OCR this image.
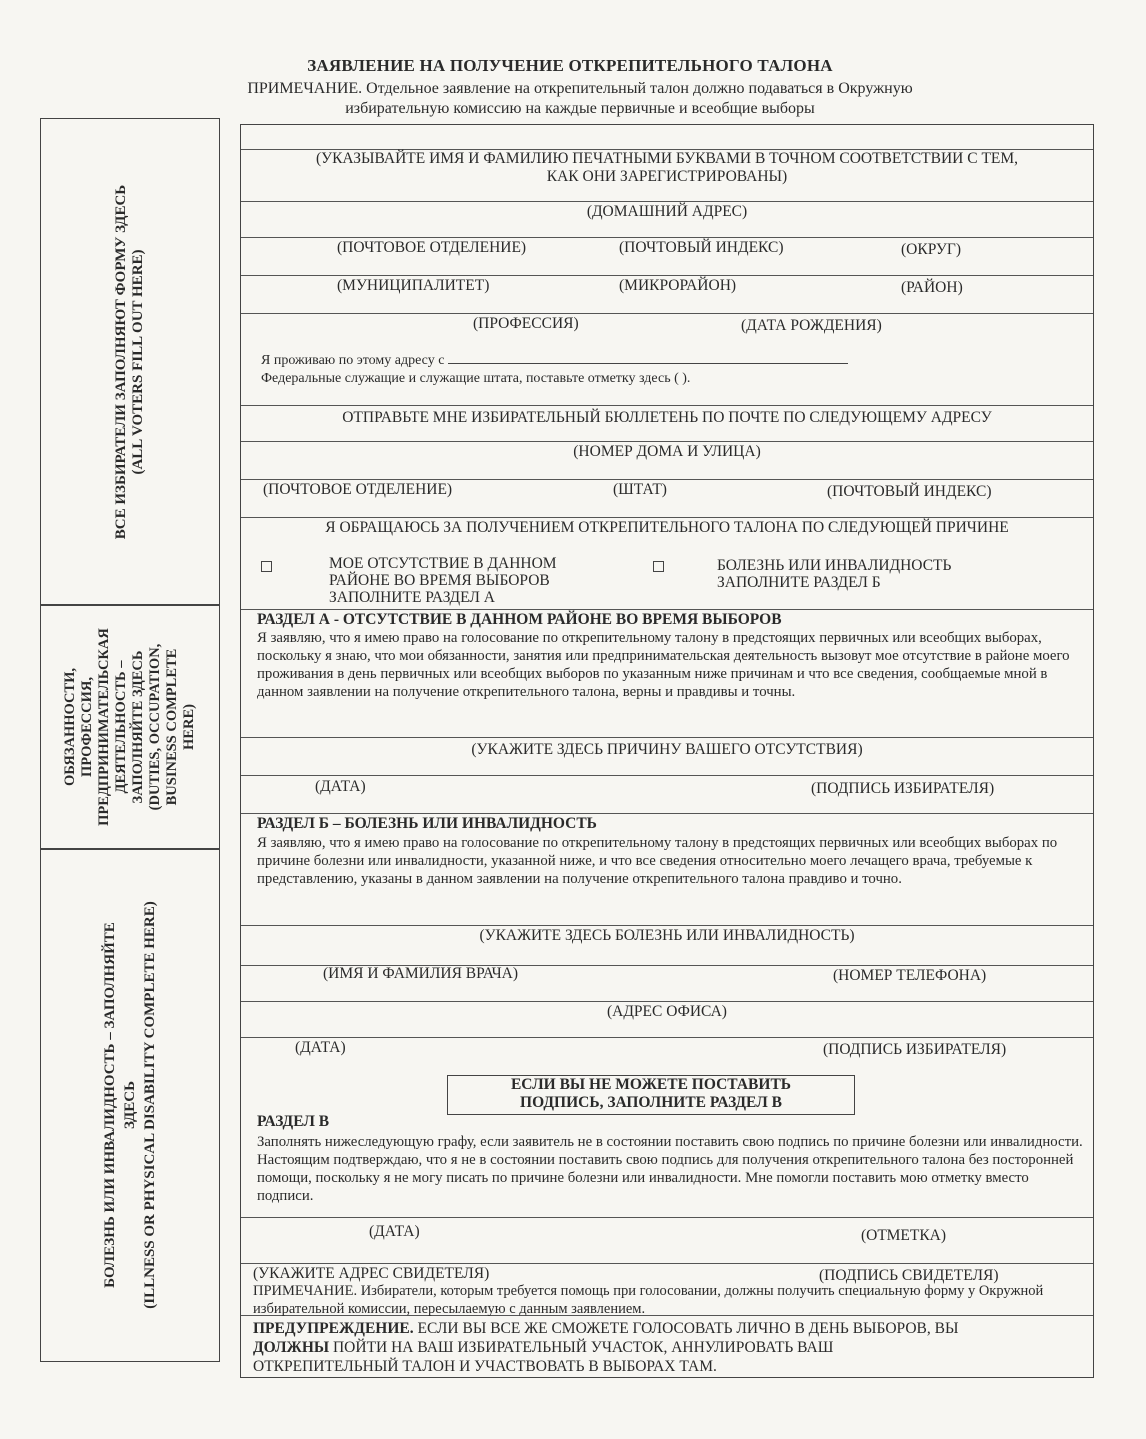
ЗАЯВЛЕНИЕ НА ПОЛУЧЕНИЕ ОТКРЕПИТЕЛЬНОГО ТАЛОНА
ПРИМЕЧАНИЕ. Отдельное заявление на открепительный талон должно подаваться в Окружную
избирательную комиссию на каждые первичные и всеобщие выборы
ВСЕ ИЗБИРАТЕЛИ ЗАПОЛНЯЮТ ФОРМУ ЗДЕСЬ (ALL VOTERS FILL OUT HERE)
ОБЯЗАННОСТИ, ПРОФЕССИЯ, ПРЕДПРИНИМАТЕЛЬСКАЯ ДЕЯТЕЛЬНОСТЬ – ЗАПОЛНЯЙТЕ ЗДЕСЬ (DUTIES, OCCUPATION, BUSINESS COMPLETE HERE)
БОЛЕЗНЬ ИЛИ ИНВАЛИДНОСТЬ – ЗАПОЛНЯЙТЕ ЗДЕСЬ (ILLNESS OR PHYSICAL DISABILITY COMPLETE HERE)
(УКАЗЫВАЙТЕ ИМЯ И ФАМИЛИЮ ПЕЧАТНЫМИ БУКВАМИ В ТОЧНОМ СООТВЕТСТВИИ С ТЕМ,
КАК ОНИ ЗАРЕГИСТРИРОВАНЫ)
(ДОМАШНИЙ АДРЕС)
(ПОЧТОВОЕ ОТДЕЛЕНИЕ)	(ПОЧТОВЫЙ ИНДЕКС)	(ОКРУГ)
(МУНИЦИПАЛИТЕТ)	(МИКРОРАЙОН)	(РАЙОН)
(ПРОФЕССИЯ)	(ДАТА РОЖДЕНИЯ)
Я проживаю по этому адресу с
Федеральные служащие и служащие штата, поставьте отметку здесь ( ).
ОТПРАВЬТЕ МНЕ ИЗБИРАТЕЛЬНЫЙ БЮЛЛЕТЕНЬ ПО ПОЧТЕ ПО СЛЕДУЮЩЕМУ АДРЕСУ
(НОМЕР ДОМА И УЛИЦА)
(ПОЧТОВОЕ ОТДЕЛЕНИЕ)	(ШТАТ)	(ПОЧТОВЫЙ ИНДЕКС)
Я ОБРАЩАЮСЬ ЗА ПОЛУЧЕНИЕМ ОТКРЕПИТЕЛЬНОГО ТАЛОНА ПО СЛЕДУЮЩЕЙ ПРИЧИНЕ
МОЕ ОТСУТСТВИЕ В ДАННОМ
РАЙОНЕ ВО ВРЕМЯ ВЫБОРОВ
ЗАПОЛНИТЕ РАЗДЕЛ А
БОЛЕЗНЬ ИЛИ ИНВАЛИДНОСТЬ
ЗАПОЛНИТЕ РАЗДЕЛ Б
РАЗДЕЛ А - ОТСУТСТВИЕ В ДАННОМ РАЙОНЕ ВО ВРЕМЯ ВЫБОРОВ
Я заявляю, что я имею право на голосование по открепительному талону в предстоящих первичных или всеобщих выборах, поскольку я знаю, что мои обязанности, занятия или предпринимательская деятельность вызовут мое отсутствие в районе моего проживания в день первичных или всеобщих выборов по указанным ниже причинам и что все сведения, сообщаемые мной в данном заявлении на получение открепительного талона, верны и правдивы и точны.
(УКАЖИТЕ ЗДЕСЬ ПРИЧИНУ ВАШЕГО ОТСУТСТВИЯ)
(ДАТА)	(ПОДПИСЬ ИЗБИРАТЕЛЯ)
РАЗДЕЛ Б – БОЛЕЗНЬ ИЛИ ИНВАЛИДНОСТЬ
Я заявляю, что я имею право на голосование по открепительному талону в предстоящих первичных или всеобщих выборах по причине болезни или инвалидности, указанной ниже, и что все сведения относительно моего лечащего врача, требуемые к представлению, указаны в данном заявлении на получение открепительного талона правдиво и точно.
(УКАЖИТЕ ЗДЕСЬ БОЛЕЗНЬ ИЛИ ИНВАЛИДНОСТЬ)
(ИМЯ И ФАМИЛИЯ ВРАЧА)	(НОМЕР ТЕЛЕФОНА)
(АДРЕС ОФИСА)
(ДАТА)	(ПОДПИСЬ ИЗБИРАТЕЛЯ)
ЕСЛИ ВЫ НЕ МОЖЕТЕ ПОСТАВИТЬ
ПОДПИСЬ, ЗАПОЛНИТЕ РАЗДЕЛ В
РАЗДЕЛ В
Заполнять нижеследующую графу, если заявитель не в состоянии поставить свою подпись по причине болезни или инвалидности. Настоящим подтверждаю, что я не в состоянии поставить свою подпись для получения открепительного талона без посторонней помощи, поскольку я не могу писать по причине болезни или инвалидности. Мне помогли поставить мою отметку вместо подписи.
(ДАТА)	(ОТМЕТКА)
(УКАЖИТЕ АДРЕС СВИДЕТЕЛЯ)	(ПОДПИСЬ СВИДЕТЕЛЯ)
ПРИМЕЧАНИЕ. Избиратели, которым требуется помощь при голосовании, должны получить специальную форму у Окружной избирательной комиссии, пересылаемую с данным заявлением.
ПРЕДУПРЕЖДЕНИЕ. ЕСЛИ ВЫ ВСЕ ЖЕ СМОЖЕТЕ ГОЛОСОВАТЬ ЛИЧНО В ДЕНЬ ВЫБОРОВ, ВЫ
ДОЛЖНЫ ПОЙТИ НА ВАШ ИЗБИРАТЕЛЬНЫЙ УЧАСТОК, АННУЛИРОВАТЬ ВАШ
ОТКРЕПИТЕЛЬНЫЙ ТАЛОН И УЧАСТВОВАТЬ В ВЫБОРАХ ТАМ.
